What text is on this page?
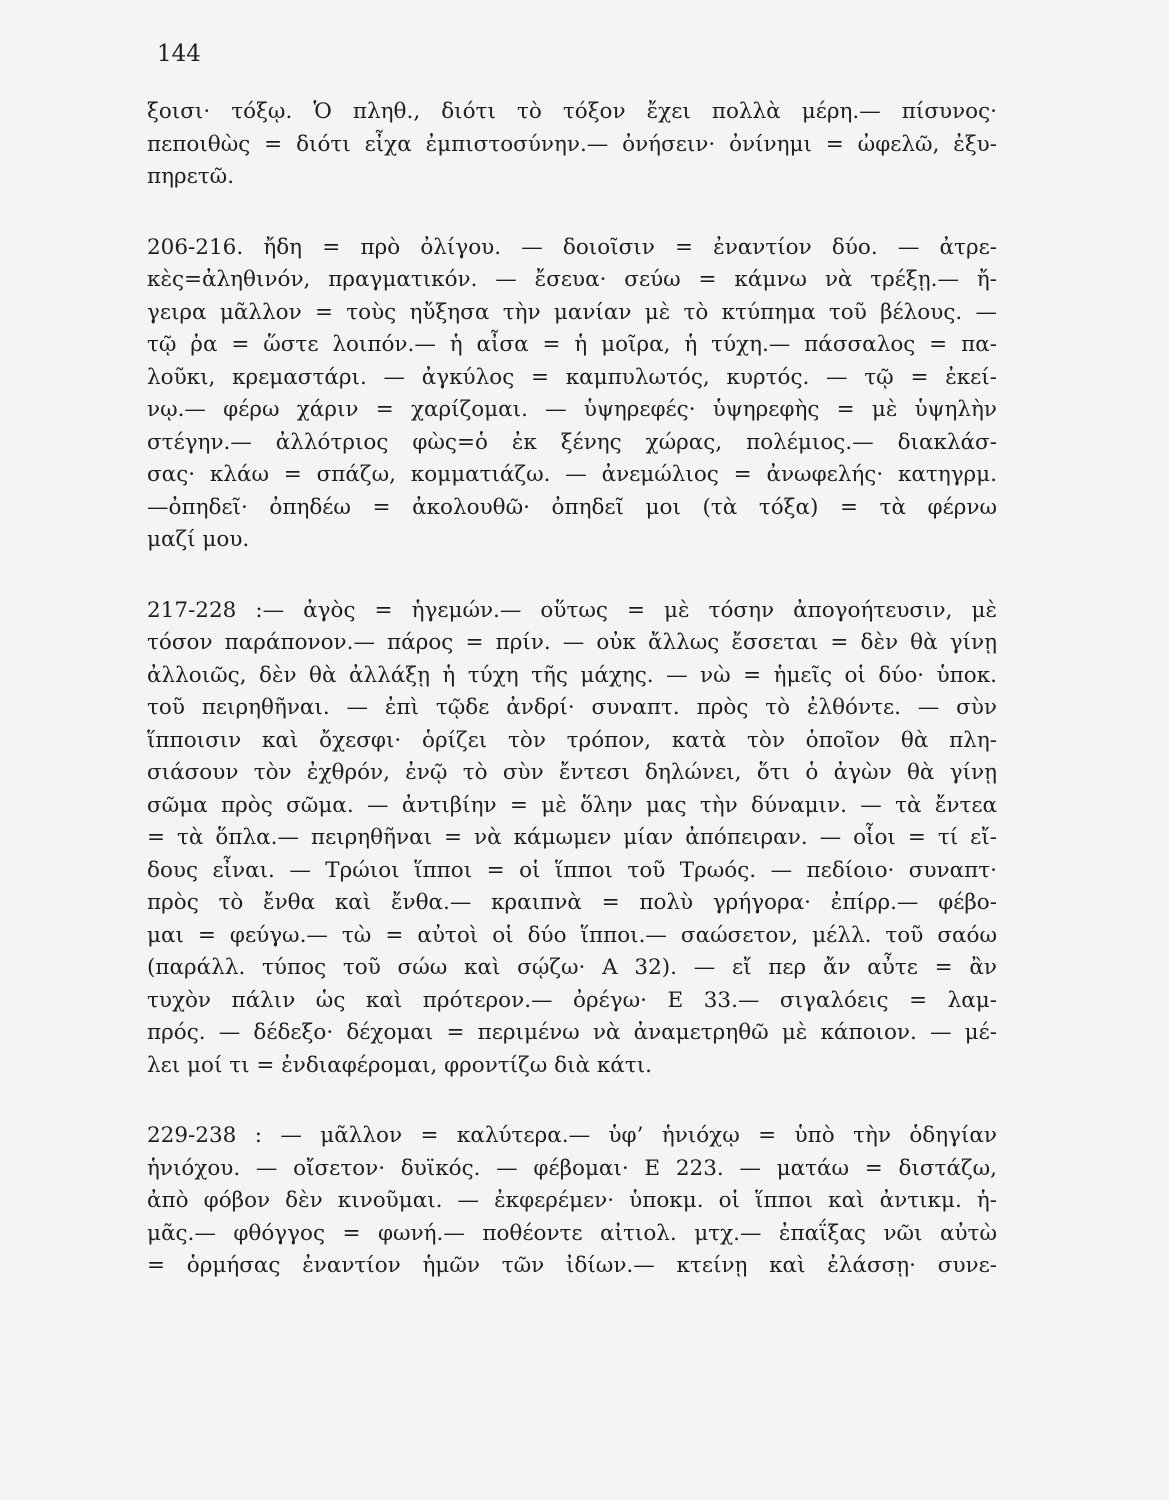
144
ξοισι· τόξῳ. Ὁ πληθ., διότι τὸ τόξον ἔχει πολλὰ μέρη.— πίσυνος·
πεποιθὼς = διότι εἶχα ἐμπιστοσύνην.— ὀνήσειν· ὀνίνημι = ὠφελῶ, ἐξυ-
πηρετῶ.
206-216. ἤδη = πρὸ ὀλίγου. — δοιοῖσιν = ἐναντίον δύο. — ἀτρε-
κὲς=ἀληθινόν, πραγματικόν. — ἔσευα· σεύω = κάμνω νὰ τρέξῃ.— ἤ-
γειρα μᾶλλον = τοὺς ηὔξησα τὴν μανίαν μὲ τὸ κτύπημα τοῦ βέλους. —
τῷ ῥα = ὥστε λοιπόν.— ἡ αἶσα = ἡ μοῖρα, ἡ τύχη.— πάσσαλος = πα-
λοῦκι, κρεμαστάρι. — ἀγκύλος = καμπυλωτός, κυρτός. — τῷ = ἐκεί-
νῳ.— φέρω χάριν = χαρίζομαι. — ὑψηρεφές· ὑψηρεφὴς = μὲ ὑψηλὴν
στέγην.— ἀλλότριος φὼς=ὁ ἐκ ξένης χώρας, πολέμιος.— διακλάσ-
σας· κλάω = σπάζω, κομματιάζω. — ἀνεμώλιος = ἀνωφελής· κατηγρμ.
—ὀπηδεῖ· ὀπηδέω = ἀκολουθῶ· ὀπηδεῖ μοι (τὰ τόξα) = τὰ φέρνω
μαζί μου.
217-228 :— ἀγὸς = ἡγεμών.— οὕτως = μὲ τόσην ἀπογοήτευσιν, μὲ
τόσον παράπονον.— πάρος = πρίν. — οὐκ ἄλλως ἔσσεται = δὲν θὰ γίνῃ
ἀλλοιῶς, δὲν θὰ ἀλλάξῃ ἡ τύχη τῆς μάχης. — νὼ = ἡμεῖς οἱ δύο· ὑποκ.
τοῦ πειρηθῆναι. — ἐπὶ τῷδε ἀνδρί· συναπτ. πρὸς τὸ ἐλθόντε. — σὺν
ἵπποισιν καὶ ὄχεσφι· ὁρίζει τὸν τρόπον, κατὰ τὸν ὁποῖον θὰ πλη-
σιάσουν τὸν ἐχθρόν, ἐνῷ τὸ σὺν ἔντεσι δηλώνει, ὅτι ὁ ἀγὼν θὰ γίνῃ
σῶμα πρὸς σῶμα. — ἀντιβίην = μὲ ὅλην μας τὴν δύναμιν. — τὰ ἔντεα
= τὰ ὅπλα.— πειρηθῆναι = νὰ κάμωμεν μίαν ἀπόπειραν. — οἷοι = τί εἴ-
δους εἶναι. — Τρώιοι ἵπποι = οἱ ἵπποι τοῦ Τρωός. — πεδίοιο· συναπτ·
πρὸς τὸ ἔνθα καὶ ἔνθα.— κραιπνὰ = πολὺ γρήγορα· ἐπίρρ.— φέβο-
μαι = φεύγω.— τὼ = αὐτοὶ οἱ δύο ἵπποι.— σαώσετον, μέλλ. τοῦ σαόω
(παράλλ. τύπος τοῦ σώω καὶ σῴζω· Α 32). — εἴ περ ἄν αὖτε = ἂν
τυχὸν πάλιν ὡς καὶ πρότερον.— ὀρέγω· Ε 33.— σιγαλόεις = λαμ-
πρός. — δέδεξο· δέχομαι = περιμένω νὰ ἀναμετρηθῶ μὲ κάποιον. — μέ-
λει μοί τι = ἐνδιαφέρομαι, φροντίζω διὰ κάτι.
229-238 : — μᾶλλον = καλύτερα.— ὑφ’ ἡνιόχῳ = ὑπὸ τὴν ὁδηγίαν
ἡνιόχου. — οἴσετον· δυϊκός. — φέβομαι· Ε 223. — ματάω = διστάζω,
ἀπὸ φόβον δὲν κινοῦμαι. — ἐκφερέμεν· ὑποκμ. οἱ ἵπποι καὶ ἀντικμ. ἡ-
μᾶς.— φθόγγος = φωνή.— ποθέοντε αἰτιολ. μτχ.— ἐπαΐξας νῶι αὐτὼ
= ὁρμήσας ἐναντίον ἡμῶν τῶν ἰδίων.— κτείνῃ καὶ ἐλάσσῃ· συνε-
